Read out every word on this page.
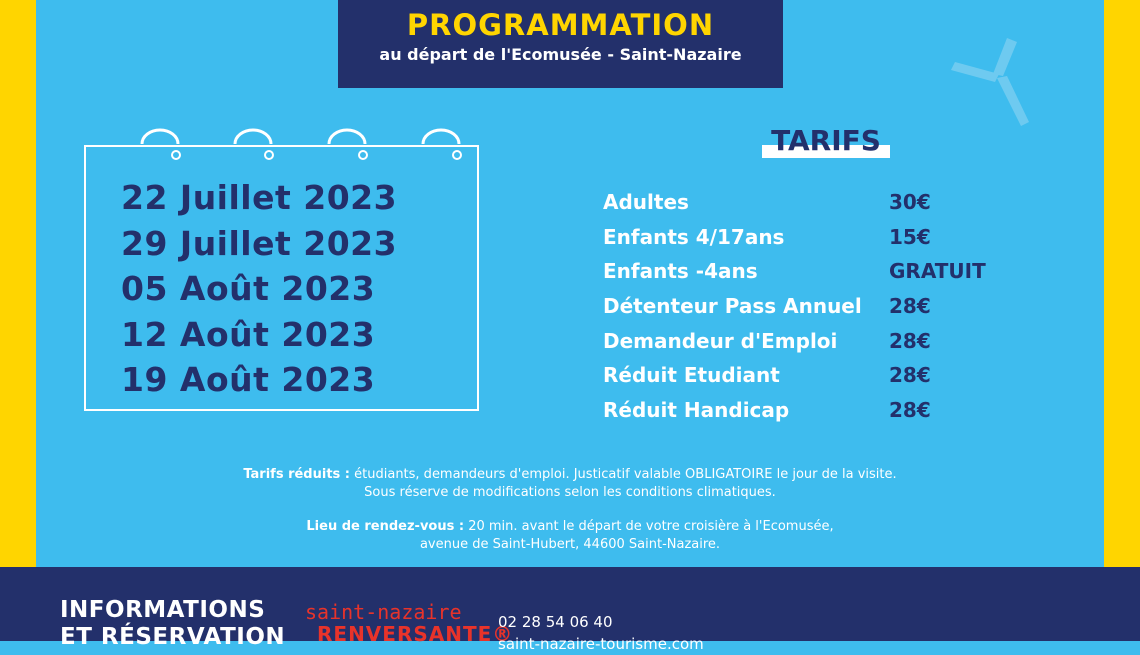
PROGRAMMATION
au départ de l'Ecomusée - Saint-Nazaire
22 Juillet 2023
29 Juillet 2023
05 Août 2023
12 Août 2023
19 Août 2023
TARIFS
Adultes	30€
Enfants 4/17ans	15€
Enfants -4ans	GRATUIT
Détenteur Pass Annuel	28€
Demandeur d'Emploi	28€
Réduit Etudiant	28€
Réduit Handicap	28€
Tarifs réduits : étudiants, demandeurs d'emploi. Justicatif valable OBLIGATOIRE le jour de la visite.
Sous réserve de modifications selon les conditions climatiques.
Lieu de rendez-vous : 20 min. avant le départ de votre croisière à l'Ecomusée,
avenue de Saint-Hubert, 44600 Saint-Nazaire.
INFORMATIONS
ET RÉSERVATION
saint-nazaire
RENVERSANTE®
02 28 54 06 40
saint-nazaire-tourisme.com
